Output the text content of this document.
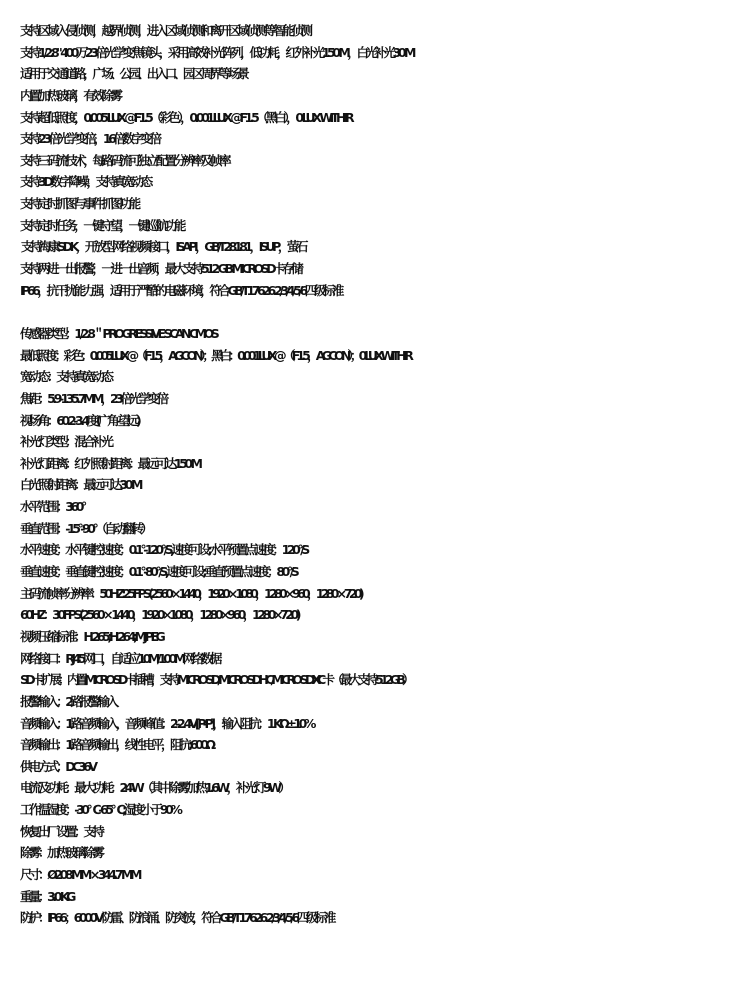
支持区域入侵侦测，越界侦测，进入区域侦测和离开区域侦测等智能侦测
支持1/2.8" 400万23倍光学变焦镜头，采用高效补光阵列，低功耗，红外补光150 M，白光补光30 M
适用于交通道路，广场、公园、出入口、园区周界等场景
内置加热玻璃，有效除雾
支持超低照度，0.005 LUX @F1.5（彩色），0.001 LUX @F1.5（黑白），0 LUX WITH IR
支持23倍光学变倍，16倍数字变倍
支持三码流技术，每路码流可独立配置分辨率及帧率
支持3D数字降噪，支持真宽动态
支持定时抓图与事件抓图功能
支持定时任务，一键守望，一键巡航功能
支持海康SDK，开放型网络视频接口，ISAPI，GB/T28181，ISUP，萤石
支持两进一出报警，一进一出音频，最大支持512 GB MICROSD卡存储
IP66，抗干扰能力强，适用于严酷的电磁环境，符合GB/T17626.2/3/4/5/6四级标准
传感器类型：1/2.8＂ PROGRESSIVE SCAN CMOS
最低照度：彩色：0.005LUX @（F1.5，AGC ON）；黑白：0.001LUX @（F1.5，AGC ON）；0 LUX WITH IR
宽动态：支持真宽动态
焦距：5.9-135.7MM，23倍光学变倍
视场角：60.2-3.4度(广角-望远)
补光灯类型：混合补光
补光灯距离：红外照射距离：最远可达150 M
白光照射距离：最远可达30 M
水平范围：360°
垂直范围：-15°-90°（自动翻转）
水平速度：水平键控速度：0.1°-120°/S,速度可设;水平预置点速度：120°/S
垂直速度：垂直键控速度：0.1°-80°/S,速度可设;垂直预置点速度：80°/S
主码流帧率分辨率：50HZ:25FPS(2560 × 1440，1920 × 1080，1280 × 960，1280 × 720)
60HZ：30FPS(2560 × 1440，1920×1080，1280×960，1280×720)
视频压缩标准：H.265;H.264;MJPEG
网络接口：RJ45网口，自适应10M/100M网络数据
SD卡扩展：内置MICRO SD卡插槽，支持MICRO SD/MICRO SDHC/MICRO SDXC卡（最大支持512GB）
报警输入：2路报警输入
音频输入：1路音频输入，音频峰值：2-2.4V[P-P]，输入阻抗：1 KΩ±10%
音频输出：1路音频输出，线性电平，阻抗:600Ω
供电方式：DC36V
电流及功耗：最大功耗：24 W（其中除雾加热1.6W，补光灯9W）
工作温湿度：-30℃-65℃;湿度小于90%
恢复出厂设置：支持
除雾：加热玻璃除雾
尺寸：Ø208 MM × 344.7 MM
重量：3.0 KG
防护：IP66；6000V 防雷、防浪涌、防突波，符合GB/T17626.2/3/4/5/6四级标准
